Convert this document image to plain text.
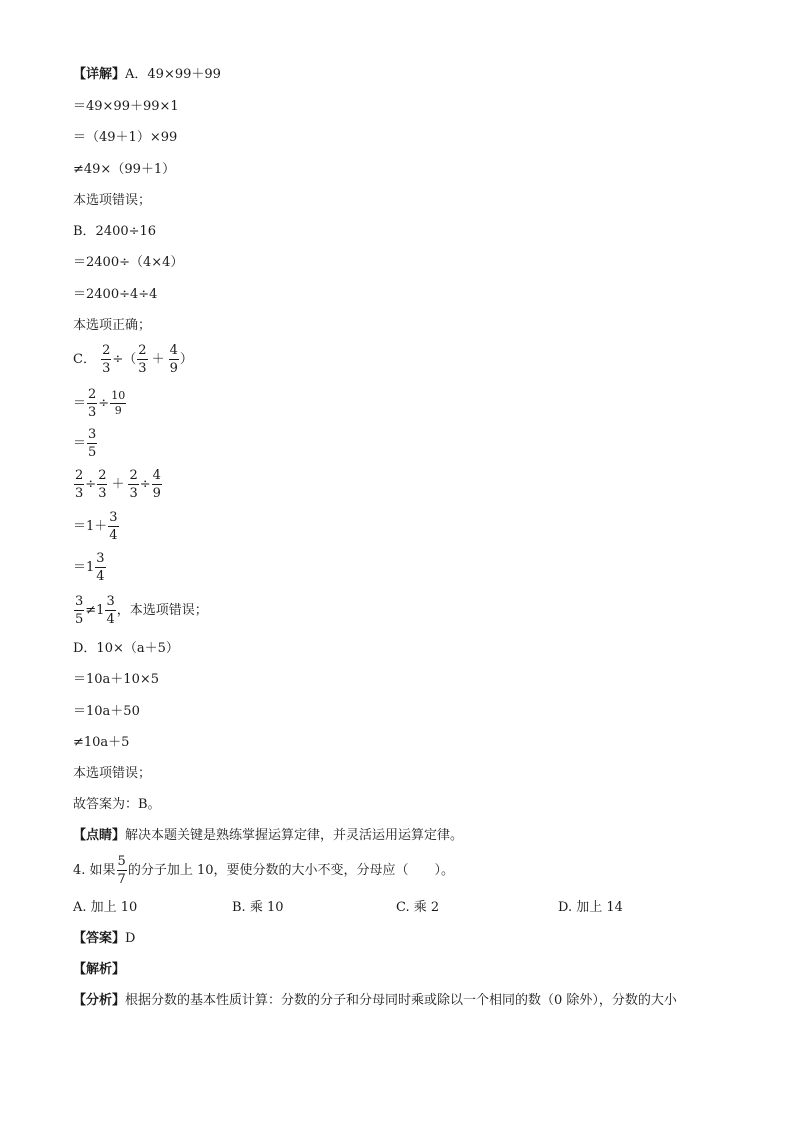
【详解】A．49×99＋99
＝49×99＋99×1
＝（49＋1）×99
≠49×（99＋1）
本选项错误；
B．2400÷16
＝2400÷（4×4）
＝2400÷4÷4
本选项正确；
C． $\frac{2}{3}$ ÷（ $\frac{2}{3} + \frac{4}{9}$ ）
＝ $\frac{2}{3} \div \frac{10}{9}$
＝ $\frac{3}{5}$
$\frac{2}{3} \div \frac{2}{3} + \frac{2}{3} \div \frac{4}{9}$
$=1+ \frac{3}{4}$
$=1 \frac{3}{4}$
$\frac{3}{5} \ne 1 \frac{3}{4}$ ，本选项错误；
D．10×（a＋5）
＝10a＋10×5
＝10a＋50
≠10a＋5
本选项错误；
故答案为：B。
【点睛】解决本题关键是熟练掌握运算定律，并灵活运用运算定律。
4. 如果 $\frac{5}{7}$ 的分子加上 10，要使分数的大小不变，分母应（　　）。
A. 加上 10	B. 乘 10	C. 乘 2	D. 加上 14
【答案】D
【解析】
【分析】根据分数的基本性质计算：分数的分子和分母同时乘或除以一个相同的数（0 除外），分数的大小
